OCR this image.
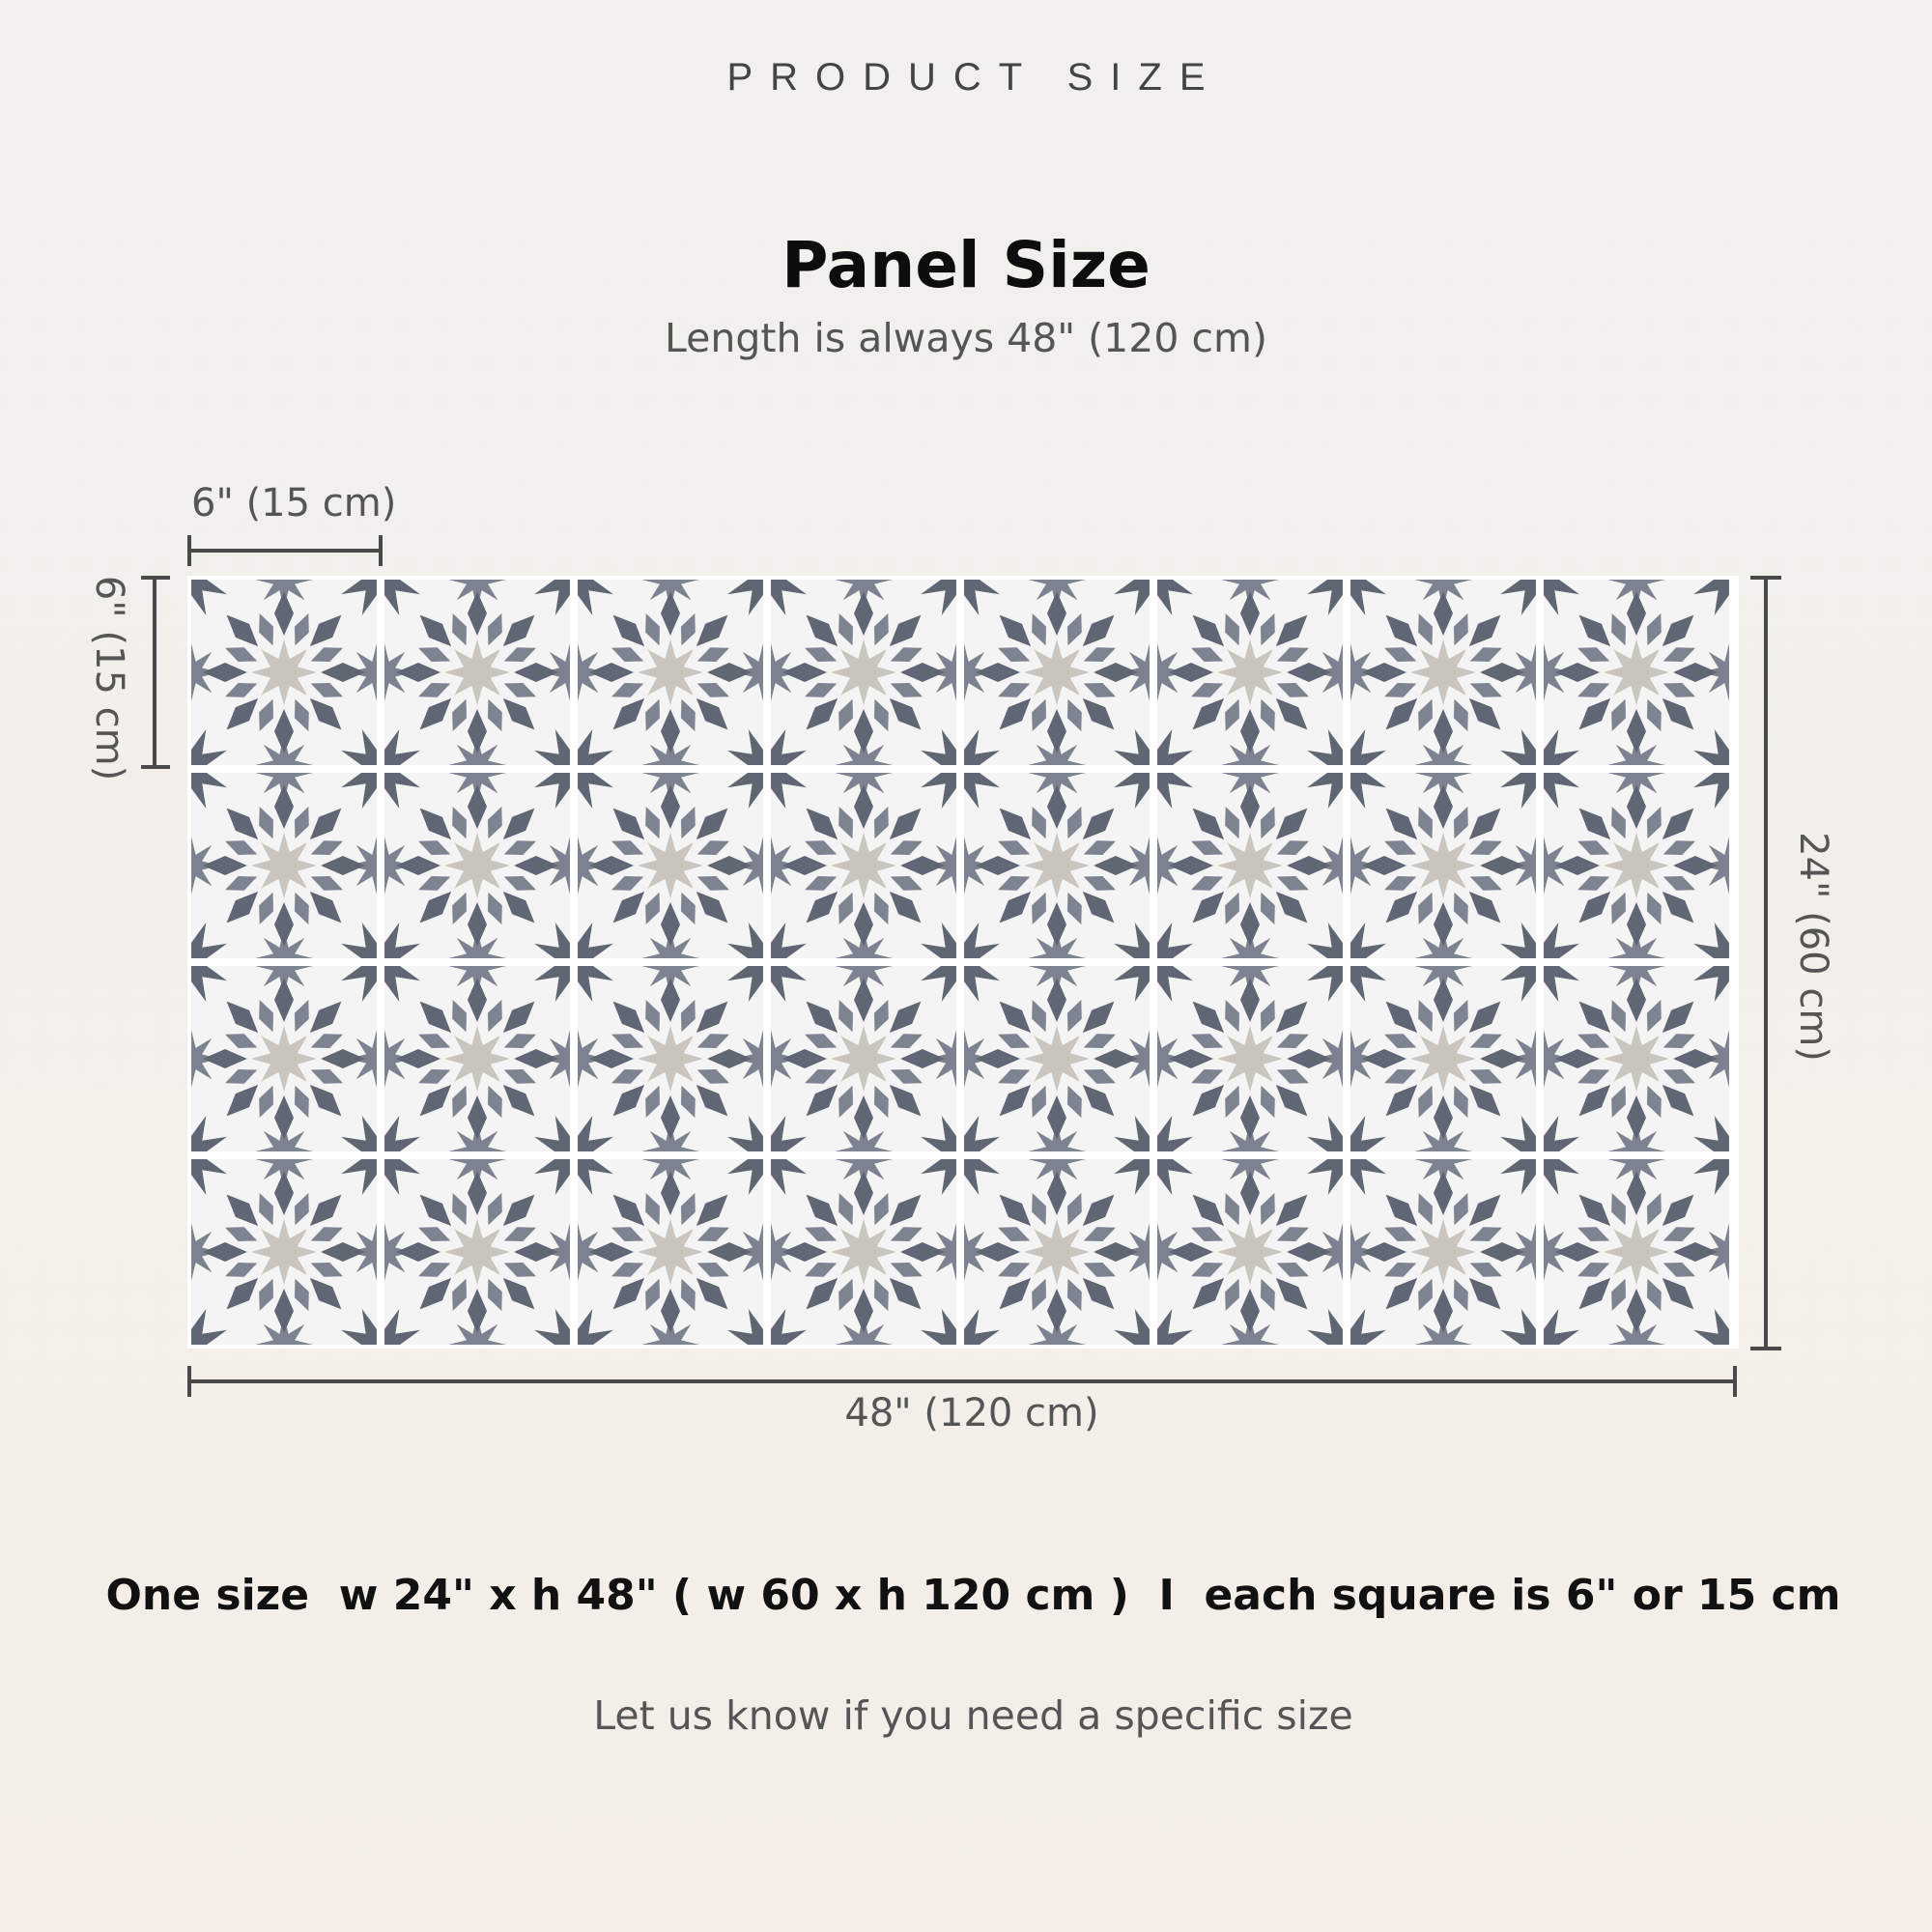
PRODUCT SIZE
Panel Size
Length is always 48" (120 cm)
6" (15 cm)
6" (15 cm)
24" (60 cm)
48" (120 cm)
One size  w 24" x h 48" ( w 60 x h 120 cm )  I  each square is 6" or 15 cm
Let us know if you need a specific size
